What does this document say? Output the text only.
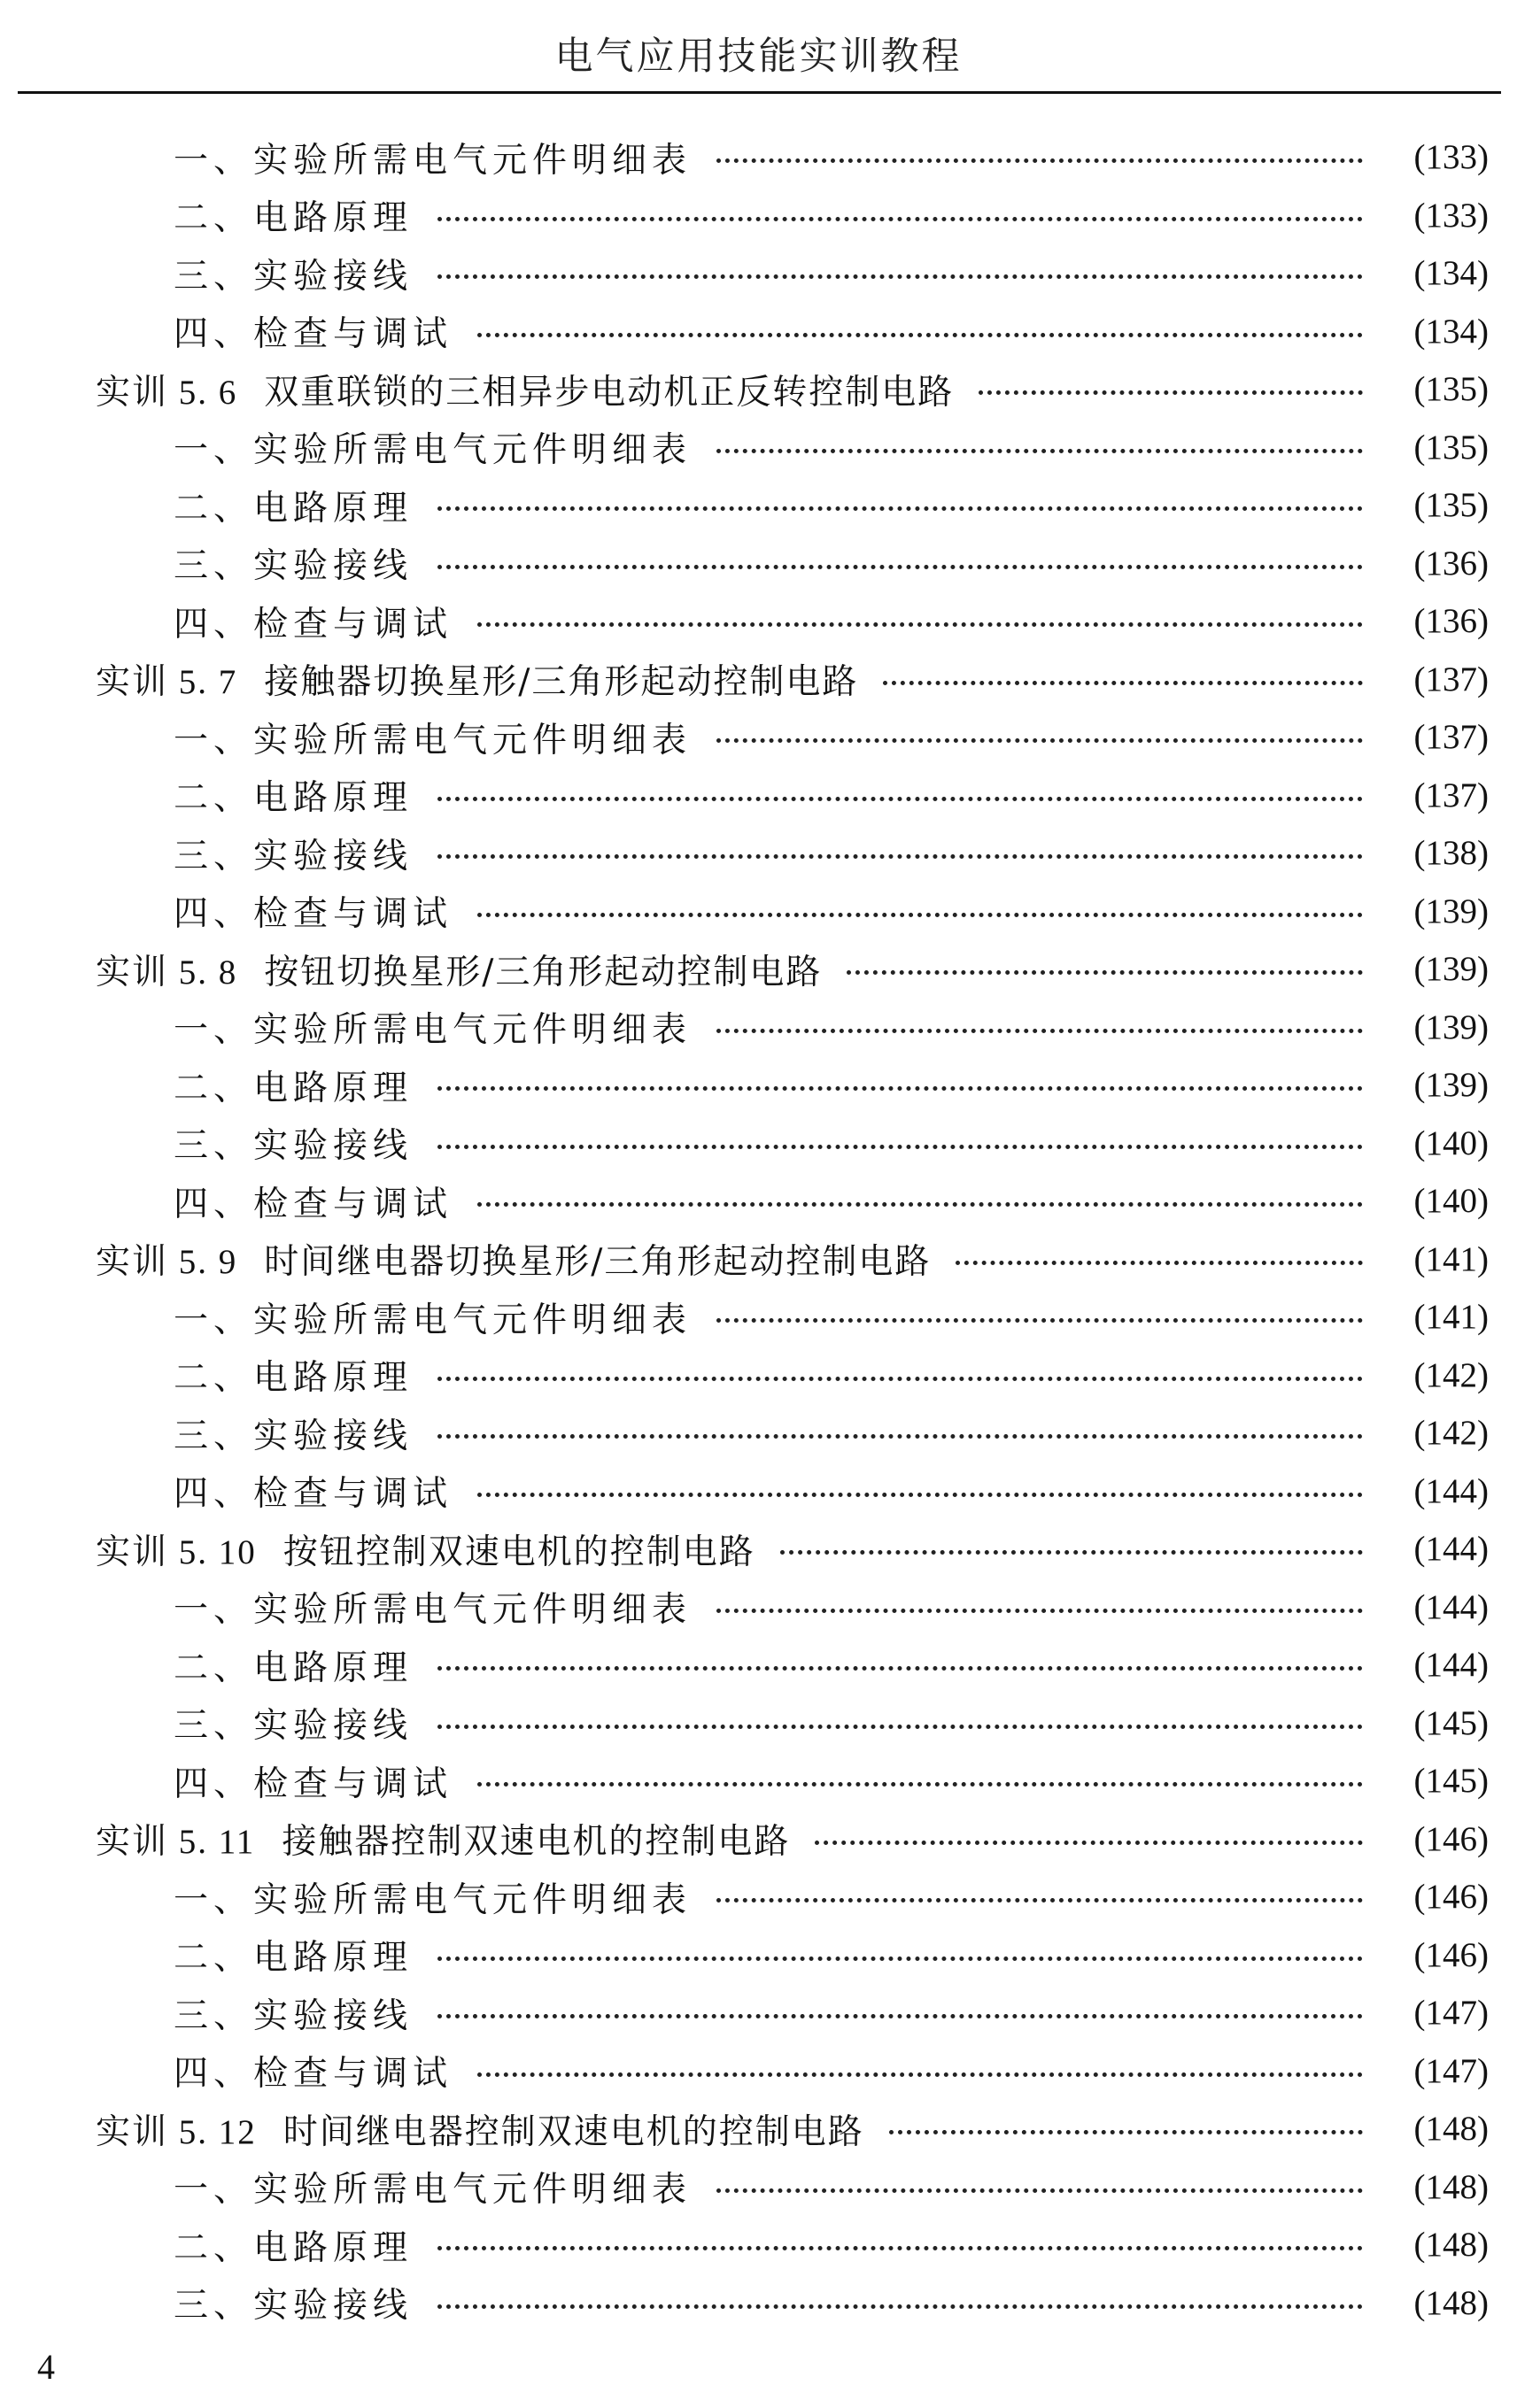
电气应用技能实训教程
一、实验所需电气元件明细表	(133)
二、电路原理	(133)
三、实验接线	(134)
四、检查与调试	(134)
实训 5. 6 双重联锁的三相异步电动机正反转控制电路	(135)
一、实验所需电气元件明细表	(135)
二、电路原理	(135)
三、实验接线	(136)
四、检查与调试	(136)
实训 5. 7 接触器切换星形/三角形起动控制电路	(137)
一、实验所需电气元件明细表	(137)
二、电路原理	(137)
三、实验接线	(138)
四、检查与调试	(139)
实训 5. 8 按钮切换星形/三角形起动控制电路	(139)
一、实验所需电气元件明细表	(139)
二、电路原理	(139)
三、实验接线	(140)
四、检查与调试	(140)
实训 5. 9 时间继电器切换星形/三角形起动控制电路	(141)
一、实验所需电气元件明细表	(141)
二、电路原理	(142)
三、实验接线	(142)
四、检查与调试	(144)
实训 5. 10 按钮控制双速电机的控制电路	(144)
一、实验所需电气元件明细表	(144)
二、电路原理	(144)
三、实验接线	(145)
四、检查与调试	(145)
实训 5. 11 接触器控制双速电机的控制电路	(146)
一、实验所需电气元件明细表	(146)
二、电路原理	(146)
三、实验接线	(147)
四、检查与调试	(147)
实训 5. 12 时间继电器控制双速电机的控制电路	(148)
一、实验所需电气元件明细表	(148)
二、电路原理	(148)
三、实验接线	(148)
4
